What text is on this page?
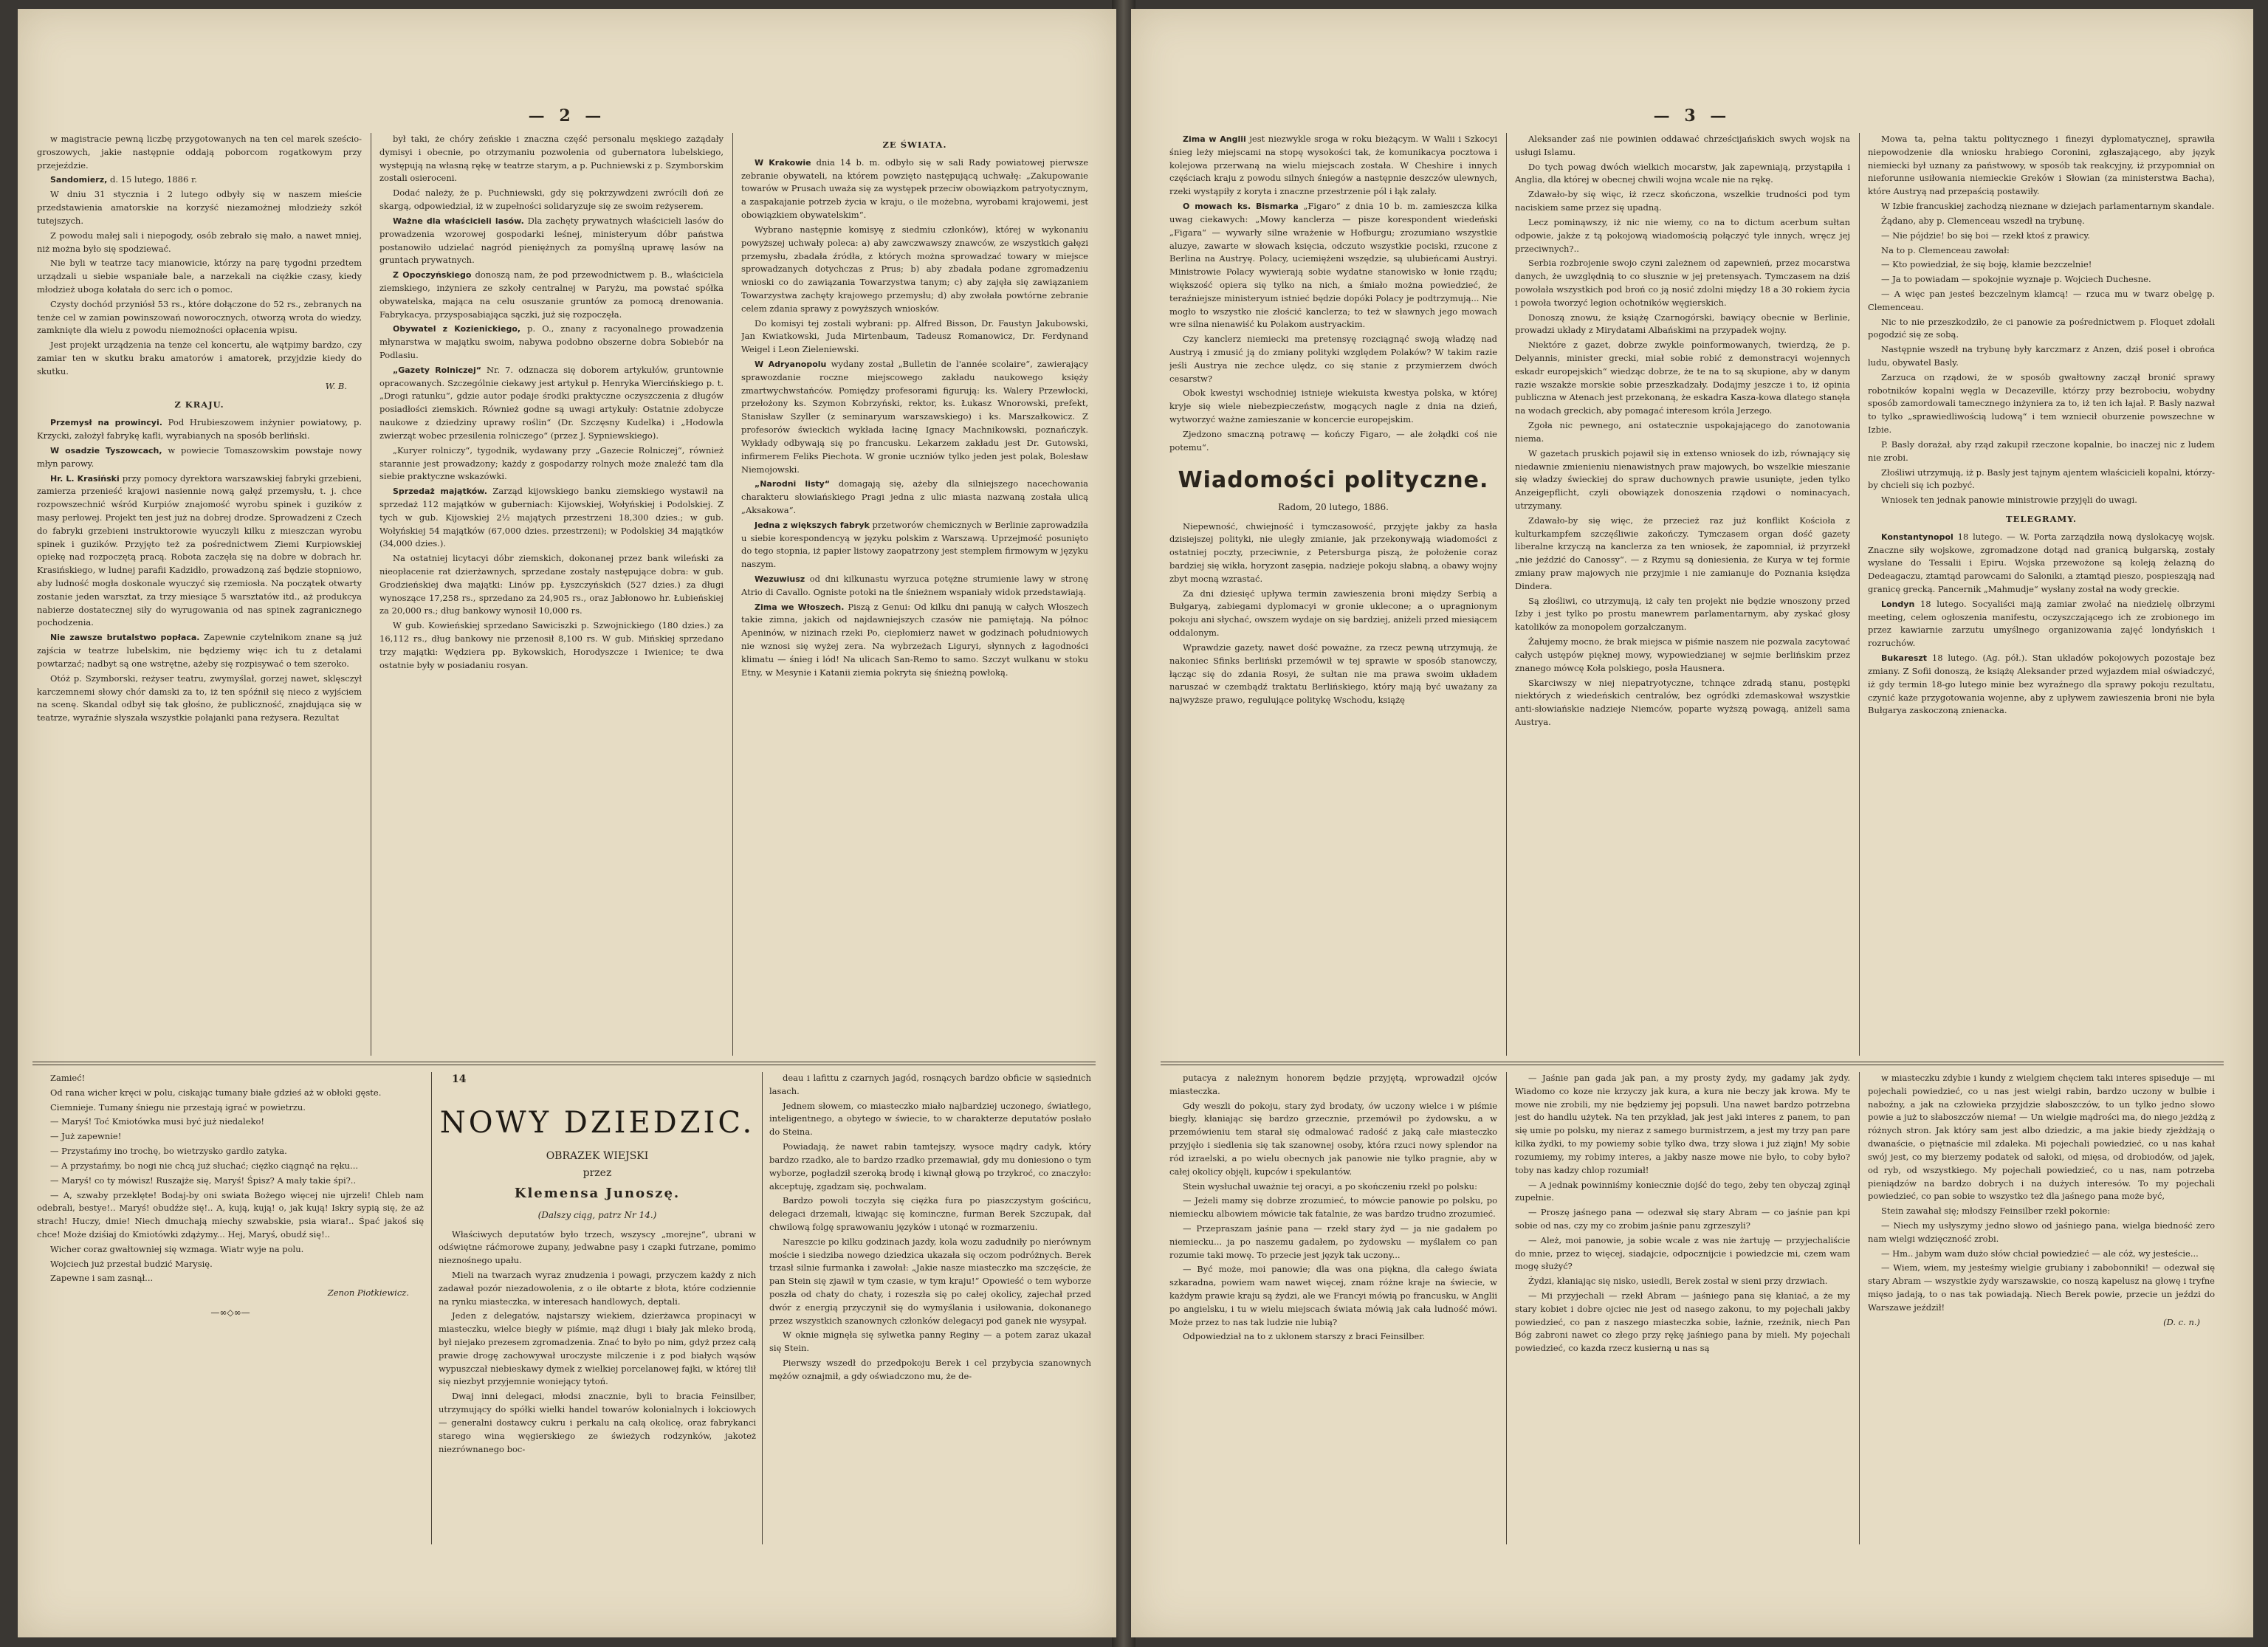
— 2 —

w magistracie pewną liczbę przygotowanych na ten cel marek sześcio-groszowych, jakie następnie oddają poborcom rogatkowym przy przejeździe.

Sandomierz, d. 15 lutego, 1886 r.

W dniu 31 stycznia i 2 lutego odbyły się w naszem mieście przedstawienia amatorskie na korzyść niezamożnej młodzieży szkół tutejszych.

Z powodu małej sali i niepogody, osób zebrało się mało, a nawet mniej, niż można było się spodziewać.

Nie byli w teatrze tacy mianowicie, którzy na parę tygodni przedtem urządzali u siebie wspaniałe bale, a narzekali na ciężkie czasy, kiedy młodzież uboga kołatała do serc ich o pomoc.

Czysty dochód przyniósł 53 rs., które dołączone do 52 rs., zebranych na tenże cel w zamian powinszowań noworocznych, otworzą wrota do wiedzy, zamknięte dla wielu z powodu niemożności opłacenia wpisu.

Jest projekt urządzenia na tenże cel koncertu, ale wątpimy bardzo, czy zamiar ten w skutku braku amatorów i amatorek, przyjdzie kiedy do skutku.

W. B.
Z KRAJU.

Przemysł na prowincyi. Pod Hrubieszowem inżynier powiatowy, p. Krzycki, założył fabrykę kafli, wyrabianych na sposób berliński.

W osadzie Tyszowcach, w powiecie Tomaszowskim powstaje nowy młyn parowy.

Hr. L. Krasiński przy pomocy dyrektora warszawskiej fabryki grzebieni, zamierza przenieść krajowi nasiennie nową gałęź przemysłu, t. j. chce rozpowszechnić wśród Kurpiów znajomość wyrobu spinek i guzików z masy perłowej. Projekt ten jest już na dobrej drodze. Sprowadzeni z Czech do fabryki grzebieni instruktorowie wyuczyli kilku z mieszczan wyrobu spinek i guzików. Przyjęto też za pośrednictwem Ziemi Kurpiowskiej opiekę nad rozpoczętą pracą. Robota zaczęła się na dobre w dobrach hr. Krasińskiego, w ludnej parafii Kadzidło, prowadzoną zaś będzie stopniowo, aby ludność mogła doskonale wyuczyć się rzemiosła. Na początek otwarty zostanie jeden warsztat, za trzy miesiące 5 warsztatów itd., aż produkcya nabierze dostatecznej siły do wyrugowania od nas spinek zagranicznego pochodzenia.

Nie zawsze brutalstwo popłaca. Zapewnie czytelnikom znane są już zajścia w teatrze lubelskim, nie będziemy więc ich tu z detalami powtarzać; nadbyt są one wstrętne, ażeby się rozpisywać o tem szeroko.

Otóż p. Szymborski, reżyser teatru, zwymyślał, gorzej nawet, sklęsczył karczemnemi słowy chór damski za to, iż ten spóźnił się nieco z wyjściem na scenę. Skandal odbył się tak głośno, że publiczność, znajdująca się w teatrze, wyraźnie słyszała wszystkie połajanki pana reżysera. Rezultat

był taki, że chóry żeńskie i znaczna część personalu męskiego zażądały dymisyi i obecnie, po otrzymaniu pozwolenia od gubernatora lubelskiego, występują na własną rękę w teatrze starym, a p. Puchniewski z p. Szymborskim zostali osieroceni.

Dodać należy, że p. Puchniewski, gdy się pokrzywdzeni zwrócili doń ze skargą, odpowiedział, iż w zupełności solidaryzuje się ze swoim reżyserem.

Ważne dla właścicieli lasów. Dla zachęty prywatnych właścicieli lasów do prowadzenia wzorowej gospodarki leśnej, ministeryum dóbr państwa postanowiło udzielać nagród pieniężnych za pomyślną uprawę lasów na gruntach prywatnych.

Z Opoczyńskiego donoszą nam, że pod przewodnictwem p. B., właściciela ziemskiego, inżyniera ze szkoły centralnej w Paryżu, ma powstać spółka obywatelska, mająca na celu osuszanie gruntów za pomocą drenowania. Fabrykacya, przysposabiająca sączki, już się rozpoczęła.

Obywatel z Kozienickiego, p. O., znany z racyonalnego prowadzenia młynarstwa w majątku swoim, nabywa podobno obszerne dobra Sobiebór na Podlasiu.

„Gazety Rolniczej“ Nr. 7. odznacza się doborem artykułów, gruntownie opracowanych. Szczególnie ciekawy jest artykuł p. Henryka Wiercińskiego p. t. „Drogi ratunku“, gdzie autor podaje środki praktyczne oczyszczenia z długów posiadłości ziemskich. Również godne są uwagi artykuły: Ostatnie zdobycze naukowe z dziedziny uprawy roślin“ (Dr. Szczęsny Kudelka) i „Hodowla zwierząt wobec przesilenia rolniczego“ (przez J. Sypniewskiego).

„Kuryer rolniczy“, tygodnik, wydawany przy „Gazecie Rolniczej“, również starannie jest prowadzony; każdy z gospodarzy rolnych może znaleźć tam dla siebie praktyczne wskazówki.

Sprzedaż majątków. Zarząd kijowskiego banku ziemskiego wystawił na sprzedaż 112 majątków w guberniach: Kijowskiej, Wołyńskiej i Podolskiej. Z tych w gub. Kijowskiej 2½ majątych przestrzeni 18,300 dzies.; w gub. Wołyńskiej 54 majątków (67,000 dzies. przestrzeni); w Podolskiej 34 majątków (34,000 dzies.).

Na ostatniej licytacyi dóbr ziemskich, dokonanej przez bank wileński za nieopłacenie rat dzierżawnych, sprzedane zostały następujące dobra: w gub. Grodzieńskiej dwa majątki: Linów pp. Łyszczyńskich (527 dzies.) za długi wynoszące 17,258 rs., sprzedano za 24,905 rs., oraz Jabłonowo hr. Łubieńskiej za 20,000 rs.; dług bankowy wynosił 10,000 rs.

W gub. Kowieńskiej sprzedano Sawiciszki p. Szwojnickiego (180 dzies.) za 16,112 rs., dług bankowy nie przenosił 8,100 rs. W gub. Mińskiej sprzedano trzy majątki: Wędziera pp. Bykowskich, Horodyszcze i Iwienice; te dwa ostatnie były w posiadaniu rosyan.

ZE ŚWIATA.

W Krakowie dnia 14 b. m. odbyło się w sali Rady powiatowej pierwsze zebranie obywateli, na którem powzięto następującą uchwałę: „Zakupowanie towarów w Prusach uważa się za występek przeciw obowiązkom patryotycznym, a zaspakajanie potrzeb życia w kraju, o ile możebna, wyrobami krajowemi, jest obowiązkiem obywatelskim“.

Wybrano następnie komisyę z siedmiu członków), której w wykonaniu powyższej uchwały poleca: a) aby zawczwawszy znawców, ze wszystkich gałęzi przemysłu, zbadała źródła, z których można sprowadzać towary w miejsce sprowadzanych dotychczas z Prus; b) aby zbadała podane zgromadzeniu wnioski co do zawiązania Towarzystwa tanym; c) aby zajęła się zawiązaniem Towarzystwa zachęty krajowego przemysłu; d) aby zwołała powtórne zebranie celem zdania sprawy z powyższych wniosków.

Do komisyi tej zostali wybrani: pp. Alfred Bisson, Dr. Faustyn Jakubowski, Jan Kwiatkowski, Juda Mirtenbaum, Tadeusz Romanowicz, Dr. Ferdynand Weigel i Leon Zieleniewski.

W Adryanopolu wydany został „Bulletin de l'année scolaire“, zawierający sprawozdanie roczne miejscowego zakładu naukowego księży zmartwychwstańców. Pomiędzy profesorami figurują: ks. Walery Przewłocki, przełożony ks. Szymon Kobrzyński, rektor, ks. Łukasz Wnorowski, prefekt, Stanisław Szyller (z seminaryum warszawskiego) i ks. Marszałkowicz. Z profesorów świeckich wykłada łacinę Ignacy Machnikowski, poznańczyk. Wykłady odbywają się po francusku. Lekarzem zakładu jest Dr. Gutowski, infirmerem Feliks Piechota. W gronie uczniów tylko jeden jest polak, Bolesław Niemojowski.

„Narodni listy“ domagają się, ażeby dla silniejszego nacechowania charakteru słowiańskiego Pragi jedna z ulic miasta nazwaną została ulicą „Aksakowa“.

Jedna z większych fabryk przetworów chemicznych w Berlinie zaprowadziła u siebie korespondencyą w języku polskim z Warszawą. Uprzejmość posunięto do tego stopnia, iż papier listowy zaopatrzony jest stemplem firmowym w języku naszym.

Wezuwiusz od dni kilkunastu wyrzuca potężne strumienie lawy w stronę Atrio di Cavallo. Ogniste potoki na tle śnieżnem wspaniały widok przedstawiają.

Zima we Włoszech. Piszą z Genui: Od kilku dni panują w całych Włoszech takie zimna, jakich od najdawniejszych czasów nie pamiętają. Na północ Apeninów, w nizinach rzeki Po, ciepłomierz nawet w godzinach południowych nie wznosi się wyżej zera. Na wybrzeżach Liguryi, słynnych z łagodności klimatu — śnieg i lód! Na ulicach San-Remo to samo. Szczyt wulkanu w stoku Etny, w Mesynie i Katanii ziemia pokryta się śnieżną powłoką.

Zamieć!

Od rana wicher kręci w polu, ciskając tumany białe gdzieś aż w obłoki gęste.

Ciemnieje. Tumany śniegu nie przestają igrać w powietrzu.

— Maryś! Toć Kmiotówka musi być już niedaleko!

— Już zapewnie!

— Przystańmy ino trochę, bo wietrzysko gardło zatyka.

— A przystańmy, bo nogi nie chcą już słuchać; ciężko ciągnąć na ręku...

— Maryś! co ty mówisz! Ruszajże się, Maryś! Śpisz? A mały takie śpi?..

— A, szwaby przeklęte! Bodaj-by oni swiata Bożego więcej nie ujrzeli! Chleb nam odebrali, bestye!.. Maryś! obudźże się!.. A, kują, kują! o, jak kują! Iskry sypią się, że aż strach! Huczy, dmie! Niech dmuchają miechy szwabskie, psia wiara!.. Śpać jakoś się chce! Może dziśiaj do Kmiotówki zdążymy... Hej, Maryś, obudź się!..

Wicher coraz gwałtowniej się wzmaga. Wiatr wyje na polu.

Wojciech już przestał budzić Marysię.

Zapewne i sam zasnął...

Zenon Piotkiewicz.
—∞◇∞—

14

NOWY DZIEDZIC.
OBRAZEK WIEJSKI
przez
Klemensa Junoszę.
(Dalszy ciąg, patrz Nr 14.)

Właściwych deputatów było trzech, wszyscy „morejne“, ubrani w odświętne ráćmorowe żupany, jedwabne pasy i czapki futrzane, pomimo nieznośnego upału.

Mieli na twarzach wyraz znudzenia i powagi, przyczem każdy z nich zadawał pozór niezadowolenia, z o ile obtarte z błota, które codziennie na rynku miasteczka, w interesach handlowych, deptali.

Jeden z delegatów, najstarszy wiekiem, dzierżawca propinacyi w miasteczku, wielce biegły w piśmie, mąż długi i biały jak mleko brodą, był niejako prezesem zgromadzenia. Znać to było po nim, gdyż przez całą prawie drogę zachowywał uroczyste milczenie i z pod białych wąsów wypuszczał niebieskawy dymek z wielkiej porcelanowej fajki, w której tlił się niezbyt przyjemnie woniejący tytoń.

Dwaj inni delegaci, młodsi znacznie, byli to bracia Feinsilber, utrzymujący do spółki wielki handel towarów kolonialnych i łokciowych — generalni dostawcy cukru i perkalu na całą okolicę, oraz fabrykanci starego wina węgierskiego ze świeżych rodzynków, jakoteż niezrównanego boc-

deau i lafittu z czarnych jagód, rosnących bardzo obficie w sąsiednich lasach.

Jednem słowem, co miasteczko miało najbardziej uczonego, światłego, inteligentnego, a obytego w świecie, to w charakterze deputatów posłało do Steina.

Powiadają, że nawet rabin tamtejszy, wysoce mądry cadyk, który bardzo rzadko, ale to bardzo rzadko przemawiał, gdy mu doniesiono o tym wyborze, pogładził szeroką brodę i kiwnął głową po trzykroć, co znaczyło: akceptuję, zgadzam się, pochwalam.

Bardzo powoli toczyła się ciężka fura po piaszczystym gościńcu, delegaci drzemali, kiwając się kominczne, furman Berek Szczupak, dał chwilową folgę sprawowaniu języków i utonąć w rozmarzeniu.

Nareszcie po kilku godzinach jazdy, kola wozu zadudniły po nierównym moście i siedziba nowego dziedzica ukazała się oczom podróżnych. Berek trzasł silnie furmanka i zawołał: „Jakie nasze miasteczko ma szczęście, że pan Stein się zjawił w tym czasie, w tym kraju!“ Opowieść o tem wyborze poszła od chaty do chaty, i rozeszła się po całej okolicy, zajechał przed dwór z energią przyczynił się do wymyślania i usiłowania, dokonanego przez wszystkich szanownych członków delegacyi pod ganek nie wysypał.

W oknie mignęła się sylwetka panny Reginy — a potem zaraz ukazał się Stein.

Pierwszy wszedł do przedpokoju Berek i cel przybycia szanownych mężów oznajmił, a gdy oświadczono mu, że de-

— 3 —

Zima w Anglii jest niezwykle sroga w roku bieżącym. W Walii i Szkocyi śnieg leży miejscami na stopę wysokości tak, że komunikacya pocztowa i kolejowa przerwaną na wielu miejscach została. W Cheshire i innych częściach kraju z powodu silnych śniegów a następnie deszczów ulewnych, rzeki wystąpiły z koryta i znaczne przestrzenie pól i łąk zalały.

O mowach ks. Bismarka „Figaro“ z dnia 10 b. m. zamieszcza kilka uwag ciekawych: „Mowy kanclerza — pisze korespondent wiedeński „Figara“ — wywarły silne wrażenie w Hofburgu; zrozumiano wszystkie aluzye, zawarte w słowach księcia, odczuto wszystkie pociski, rzucone z Berlina na Austryę. Polacy, uciemiężeni wszędzie, są ulubieńcami Austryi. Ministrowie Polacy wywierają sobie wydatne stanowisko w łonie rządu; większość opiera się tylko na nich, a śmiało można powiedzieć, że teraźniejsze ministeryum istnieć będzie dopóki Polacy je podtrzymują... Nie mogło to wszystko nie złościć kanclerza; to też w sławnych jego mowach wre silna nienawiść ku Polakom austryackim.

Czy kanclerz niemiecki ma pretensyę rozciągnąć swoją władzę nad Austryą i zmusić ją do zmiany polityki względem Polaków? W takim razie jeśli Austrya nie zechce ulędz, co się stanie z przymierzem dwóch cesarstw?

Obok kwestyi wschodniej istnieje wiekuista kwestya polska, w której kryje się wiele niebezpieczeństw, mogących nagle z dnia na dzień, wytworzyć ważne zamieszanie w koncercie europejskim.

Zjedzono smaczną potrawę — kończy Figaro, — ale żołądki coś nie potemu“.

Wiadomości polityczne.
Radom, 20 lutego, 1886.

Niepewność, chwiejność i tymczasowość, przyjęte jakby za hasła dzisiejszej polityki, nie uległy zmianie, jak przekonywają wiadomości z ostatniej poczty, przeciwnie, z Petersburga piszą, że położenie coraz bardziej się wikła, horyzont zasępia, nadzieje pokoju słabną, a obawy wojny zbyt mocną wzrastać.

Za dni dziesięć upływa termin zawieszenia broni między Serbią a Bułgaryą, zabiegami dyplomacyi w gronie ukleconе; a o upragnionym pokoju ani słychać, owszem wydaje on się bardziej, aniżeli przed miesiącem oddalonym.

Wprawdzie gazety, nawet dość poważne, za rzecz pewną utrzymują, że nakoniec Sfinks berliński przemówił w tej sprawie w sposób stanowczy, łącząc się do zdania Rosyi, że sułtan nie ma prawa swoim układem naruszać w czembądź traktatu Berlińskiego, który mają być uważany za najwyższe prawo, regulujące politykę Wschodu, książę

Aleksander zaś nie powinien oddawać chrześcijańskich swych wojsk na usługi Islamu.

Do tych powag dwóch wielkich mocarstw, jak zapewniają, przystąpiła i Anglia, dla której w obecnej chwili wojna wcale nie na rękę.

Zdawało-by się więc, iż rzecz skończona, wszelkie trudności pod tym naciskiem same przez się upadną.

Lecz pominąwszy, iż nic nie wiemy, co na to dictum acerbum sułtan odpowie, jakże z tą pokojową wiadomością połączyć tyle innych, wręcz jej przeciwnych?..

Serbia rozbrojenie swojo czyni zależnem od zapewnień, przez mocarstwa danych, że uwzględnią to co słusznie w jej pretensyach. Tymczasem na dziś powołała wszystkich pod broń co ją nosić zdolni między 18 a 30 rokiem życia i powoła tworzyć legion ochotników węgierskich.

Donoszą znowu, że książę Czarnogórski, bawiący obecnie w Berlinie, prowadzi układy z Mirydatami Albańskimi na przypadek wojny.

Niektóre z gazet, dobrze zwykle poinformowanych, twierdzą, że p. Delyannis, minister grecki, miał sobie robić z demonstracyi wojennych eskadr europejskich“ wiedząc dobrze, że te na to są skupione, aby w danym razie wszakże morskie sobie przeszkadzały. Dodajmy jeszcze i to, iż opinia publiczna w Atenach jest przekonaną, że eskadra Kasza-kowa dlatego stanęła na wodach greckich, aby pomagać interesom króla Jerzego.

Zgoła nic pewnego, ani ostatecznie uspokajającego do zanotowania niema.

W gazetach pruskich pojawił się in extenso wniosek do izb, równający się niedawnie zmienieniu nienawistnych praw majowych, bo wszelkie mieszanie się władzy świeckiej do spraw duchownych prawie usunięte, jeden tylko Anzeigepflicht, czyli obowiązek donoszenia rządowi o nominacyach, utrzymany.

Zdawało-by się więc, że przecież raz już konflikt Kościoła z kulturkampfem szczęśliwie zakończy. Tymczasem organ dość gazety liberalne krzyczą na kanclerza za ten wniosek, że zapomniał, iż przyrzekł „nie jeździć do Canossy“. — z Rzymu są doniesienia, że Kurya w tej formie zmiany praw majowych nie przyjmie i nie zamianuje do Poznania księdza Dindera.

Są złośliwi, co utrzymują, iż cały ten projekt nie będzie wnoszony przed Izby i jest tylko po prostu manewrem parlamentarnym, aby zyskać głosy katolików za monopolem gorzałczanym.

Żałujemy mocno, że brak miejsca w piśmie naszem nie pozwala zacytować całych ustępów pięknej mowy, wypowiedzianej w sejmie berlińskim przez znanego mówcę Koła polskiego, posła Hausnera.

Skarciwszy w niej niepatryotyczne, tchnące zdradą stanu, postępki niektórych z wiedeńskich centralów, bez ogródki zdemaskował wszystkie anti-słowiańskie nadzieje Niemców, poparte wyższą powagą, aniżeli sama Austrya.

Mowa ta, pełna taktu politycznego i finezyi dyplomatycznej, sprawiła niepowodzenie dla wniosku hrabiego Coronini, zgłaszającego, aby język niemiecki był uznany za państwowy, w sposób tak reakcyjny, iż przypomniał on nieforunne usiłowania niemieckie Greków i Słowian (za ministerstwa Bacha), które Austryą nad przepaścią postawiły.

W Izbie francuskiej zachodzą nieznane w dziejach parlamentarnym skandale.

Żądano, aby p. Clemenceau wszedł na trybunę.

— Nie pójdzie! bo się boi — rzekł ktoś z prawicy.

Na to p. Clemenceau zawołał:

— Kto powiedział, że się boję, kłamie bezczelnie!

— Ja to powiadam — spokojnie wyznaje p. Wojciech Duchesne.

— A więc pan jesteś bezczelnym kłamcą! — rzuca mu w twarz obelgę p. Clemenceau.

Nic to nie przeszkodziło, że ci panowie za pośrednictwem p. Floquet zdołali pogodzić się ze sobą.

Następnie wszedł na trybunę były karczmarz z Anzen, dziś poseł i obrońca ludu, obywatel Basly.

Zarzuca on rządowi, że w sposób gwałtowny zaczął bronić sprawy robotników kopalni węgla w Decazeville, którzy przy bezrobociu, wobydny sposób zamordowali tamecznego inżyniera za to, iż ten ich łajał. P. Basly nazwał to tylko „sprawiedliwością ludową“ i tem wzniecił oburzenie powszechne w Izbie.

P. Basly dorażał, aby rząd zakupił rzeczone kopalnie, bo inaczej nic z ludem nie zrobi.

Złośliwi utrzymują, iż p. Basly jest tajnym ajentem właścicieli kopalni, którzy-by chcieli się ich pozbyć.

Wniosek ten jednak panowie ministrowie przyjęli do uwagi.

TELEGRAMY.

Konstantynopol 18 lutego. — W. Porta zarządziła nową dyslokacyę wojsk. Znaczne siły wojskowe, zgromadzone dotąd nad granicą bułgarską, zostały wysłane do Tessalii i Epiru. Wojska przewożone są koleją żelazną do Dedeagaczu, ztamtąd parowcami do Saloniki, a ztamtąd pieszo, pospiesząją nad granicę grecką. Pancernik „Mahmudje“ wysłany został na wody greckie.

Londyn 18 lutego. Socyaliści mają zamiar zwołać na niedzielę olbrzymi meeting, celem ogłoszenia manifestu, oczyszczającego ich ze zrobionego im przez kawiarnie zarzutu umyślnego organizowania zajęć londyńskich i rozruchów.

Bukareszt 18 lutego. (Ag. pół.). Stan układów pokojowych pozostaje bez zmiany. Z Sofii donoszą, że książę Aleksander przed wyjazdem miał oświadczyć, iż gdy termin 18-go lutego minie bez wyraźnego dla sprawy pokoju rezultatu, czynić każe przygotowania wojenne, aby z upływem zawieszenia broni nie była Bułgarya zaskoczoną znienacka.

putacya z należnym honorem będzie przyjętą, wprowadził ojców miasteczka.

Gdy weszli do pokoju, stary żyd brodaty, ów uczony wielce i w piśmie biegły, kłaniając się bardzo grzecznie, przemówił po żydowsku, a w przemówieniu tem starał się odmalować radość z jaką całe miasteczko przyjęło i siedlenia się tak szanownej osoby, która rzuci nowy splendor na ród izraelski, a po wielu obecnych jak panowie nie tylko pragnie, aby w całej okolicy objęli, kupców i spekulantów.

Stein wysłuchał uważnie tej oracyi, a po skończeniu rzekł po polsku:

— Jeżeli mamy się dobrze zrozumieć, to mówcie panowie po polsku, po niemiecku albowiem mówicie tak fatalnie, że was bardzo trudno zrozumieć.

— Przepraszam jaśnie pana — rzekł stary żyd — ja nie gadałem po niemiecku... ja po naszemu gadałem, po żydowsku — myślałem co pan rozumie taki mowę. To przecie jest język tak uczony...

— Być może, moi panowie; dla was ona piękna, dla całego świata szkaradna, powiem wam nawet więcej, znam różne kraje na świecie, w każdym prawie kraju są żydzi, ale we Francyi mówią po francusku, w Anglii po angielsku, i tu w wielu miejscach świata mówią jak cała ludność mówi. Może przez to nas tak ludzie nie lubią?

Odpowiedział na to z ukłonem starszy z braci Feinsilber.

— Jaśnie pan gada jak pan, a my prosty żydy, my gadamy jak żydy. Wiadomo co koze nie krzyczy jak kura, a kura nie beczy jak krowa. My te mowe nie zrobili, my nie będziemy jej popsuli. Una nawet bardzo potrzebna jest do handlu użytek. Na ten przykład, jak jest jaki interes z panem, to pan się umie po polsku, my nieraz z samego burmistrzem, a jest my trzy pan pare kilka żydki, to my powiemy sobie tylko dwa, trzy słowa i już ziąjn! My sobie rozumiemy, my robimy interes, a jakby nasze mowe nie było, to coby było? toby nas kadzy chlop rozumiał!

— A jednak powinniśmy koniecznie dojść do tego, żeby ten obyczaj zginął zupełnie.

— Proszę jaśnego pana — odezwał się stary Abram — co jaśnie pan kpi sobie od nas, czy my co zrobim jaśnie panu zgrzeszyli?

— Ależ, moi panowie, ja sobie wcale z was nie żartuję — przyjechaliście do mnie, przez to więcej, siadajcie, odpocznijcie i powiedzcie mi, czem wam mogę służyć?

Żydzi, kłaniając się nisko, usiedli, Berek został w sieni przy drzwiach.

— Mi przyjechali — rzekł Abram — jaśniego pana się kłaniać, a że my stary kobiet i dobre ojciec nie jest od nasego zakonu, to my pojechali jakby powiedzieć, co pan z naszego miasteczka sobie, łaźnie, rzeźnik, niech Pan Bóg zabroni nawet co złego przy rękę jaśniego pana by mieli. My pojechali powiedzieć, co kazda rzecz kusierną u nas są

w miasteczku zdybie i kundy z wielgiem chęciem taki interes spiseduje — mi pojechali powiedzieć, co u nas jest wielgi rabin, bardzo uczony w bulbie i naboźny, a jak na człowieka przyjdzie słaboszczów, to un tylko jedno słowo powie a już to słaboszczów niema! — Un wielgie mądrości ma, do niego jeżdżą z różnych stron. Jak który sam jest albo dziedzic, a ma jakie biedy zjeżdżają o dwanaście, o piętnaście mil zdaleka. Mi pojechali powiedzieć, co u nas kahał swój jest, co my bierzemy podatek od sałoki, od mięsa, od drobiodów, od jajek, od ryb, od wszystkiego. My pojechali powiedzieć, co u nas, nam potrzeba pieniądzów na bardzo dobrych i na dużych interesów. To my pojechali powiedzieć, co pan sobie to wszystko też dla jaśnego pana może być,

Stein zawahał się; młodszy Feinsilber rzekł pokornie:

— Niech my usłyszymy jedno słowo od jaśniego pana, wielga biedność zero nam wielgi wdzięczność zrobi.

— Hm.. jabym wam dużo słów chciał powiedzieć — ale cóż, wy jesteście...

— Wiem, wiem, my jesteśmy wielgie grubiany i zabobonniki! — odezwał się stary Abram — wszystkie żydy warszawskie, co noszą kapelusz na głowę i tryfne mięso jadają, to o nas tak powiadają. Niech Berek powie, przecie un jeździ do Warszawe jeździł!

(D. c. n.)
